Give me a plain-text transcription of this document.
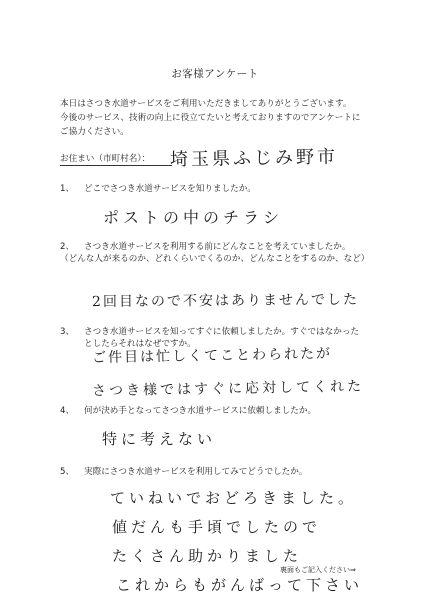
お客様アンケート
本日はさつき水道サービスをご利用いただきましてありがとうございます。
今後のサービス、技術の向上に役立てたいと考えておりますのでアンケートに
ご協力ください。
お住まい（市町村名）： 埼玉県ふじみ野市
1、 どこでさつき水道サービスを知りましたか。
ポストの中のチラシ
2、 さつき水道サービスを利用する前にどんなことを考えていましたか。
（どんな人が来るのか、どれくらいでくるのか、どんなことをするのか、など）
2回目なので不安はありませんでした
3、 さつき水道サービスを知ってすぐに依頼しましたか。すぐではなかった
としたらそれはなぜですか。
ご件目は忙しくてことわられたが
さつき様ではすぐに応対してくれた
4、 何が決め手となってさつき水道サービスに依頼しましたか。
特に考えない
5、 実際にさつき水道サービスを利用してみてどうでしたか。
ていねいでおどろきました。
値だんも手頃でしたので
たくさん助かりました
これからもがんばって下さい
裏面もご記入ください⇒
